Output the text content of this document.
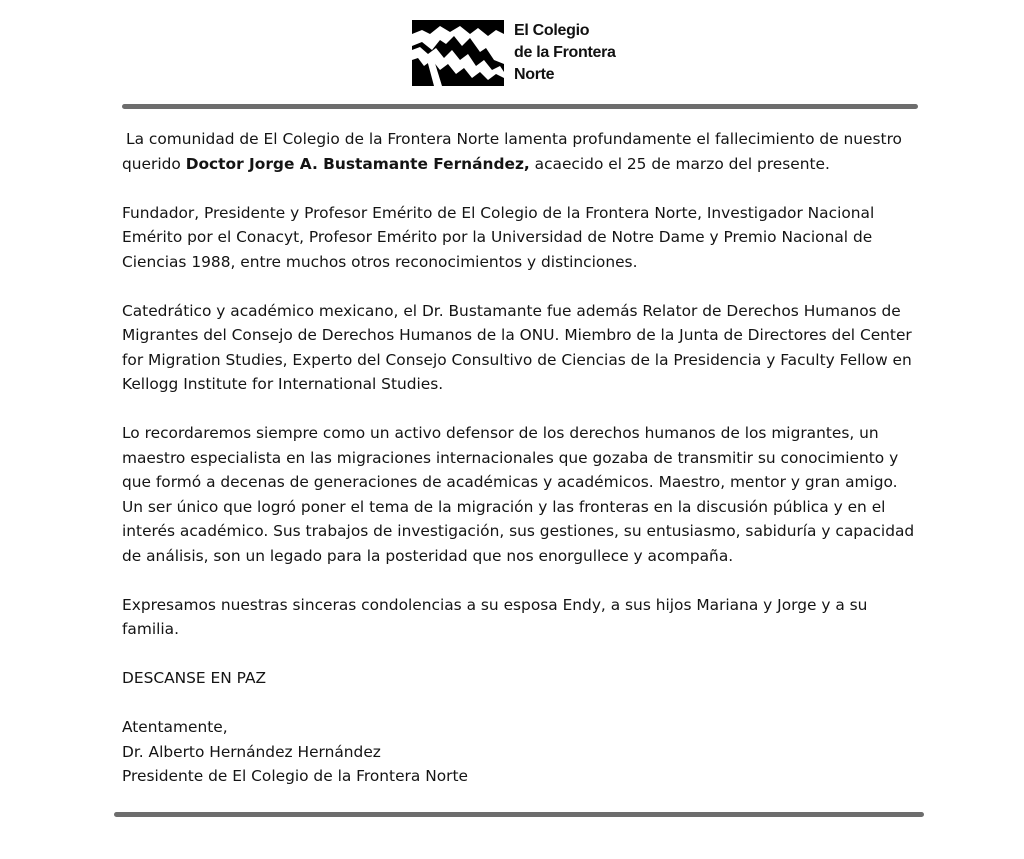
El Colegio
de la Frontera
Norte

La comunidad de El Colegio de la Frontera Norte lamenta profundamente el fallecimiento de nuestro querido Doctor Jorge A. Bustamante Fernández, acaecido el 25 de marzo del presente.

Fundador, Presidente y Profesor Emérito de El Colegio de la Frontera Norte, Investigador Nacional Emérito por el Conacyt, Profesor Emérito por la Universidad de Notre Dame y Premio Nacional de Ciencias 1988, entre muchos otros reconocimientos y distinciones.

Catedrático y académico mexicano, el Dr. Bustamante fue además Relator de Derechos Humanos de Migrantes del Consejo de Derechos Humanos de la ONU. Miembro de la Junta de Directores del Center for Migration Studies, Experto del Consejo Consultivo de Ciencias de la Presidencia y Faculty Fellow en Kellogg Institute for International Studies.

Lo recordaremos siempre como un activo defensor de los derechos humanos de los migrantes, un maestro especialista en las migraciones internacionales que gozaba de transmitir su conocimiento y que formó a decenas de generaciones de académicas y académicos. Maestro, mentor y gran amigo. Un ser único que logró poner el tema de la migración y las fronteras en la discusión pública y en el interés académico. Sus trabajos de investigación, sus gestiones, su entusiasmo, sabiduría y capacidad de análisis, son un legado para la posteridad que nos enorgullece y acompaña.

Expresamos nuestras sinceras condolencias a su esposa Endy, a sus hijos Mariana y Jorge y a su familia.

DESCANSE EN PAZ

Atentamente,
Dr. Alberto Hernández Hernández
Presidente de El Colegio de la Frontera Norte
